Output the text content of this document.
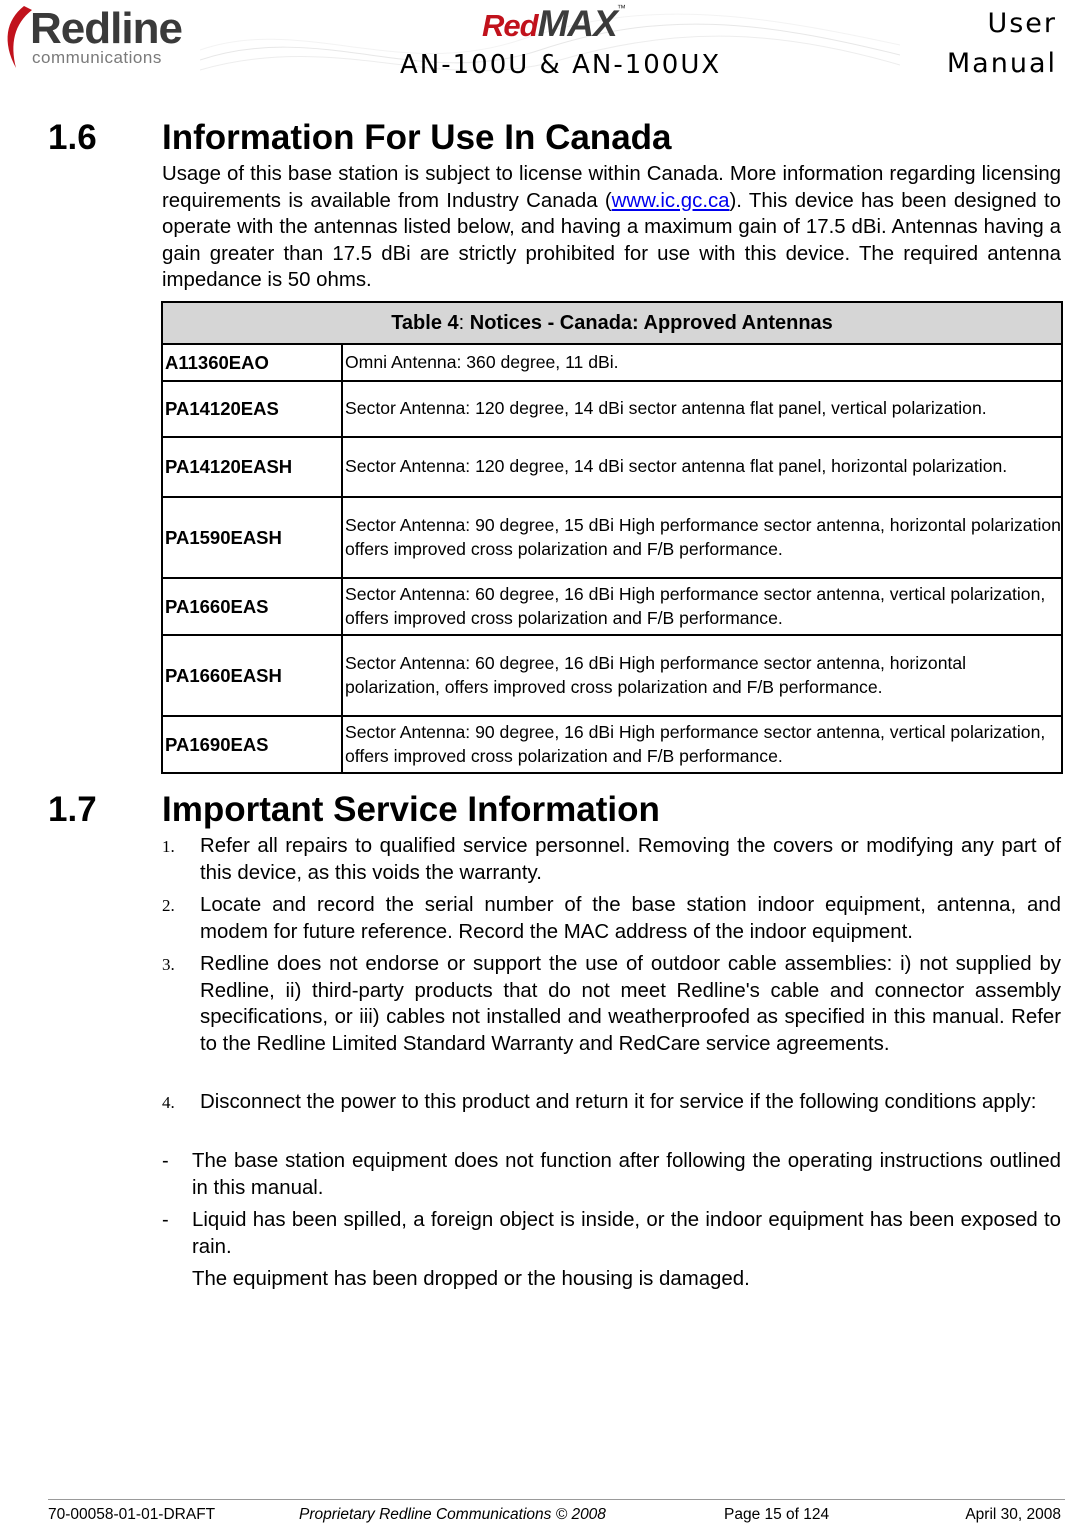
Redline
communications
RedMAX™
AN-100U & AN-100UX
User
Manual
1.6 Information For Use In Canada

Usage of this base station is subject to license within Canada. More information regarding licensing requirements is available from Industry Canada (www.ic.gc.ca). This device has been designed to operate with the antennas listed below, and having a maximum gain of 17.5 dBi. Antennas having a gain greater than 17.5 dBi are strictly prohibited for use with this device. The required antenna impedance is 50 ohms.

Table 4: Notices - Canada: Approved Antennas	
A11360EAO	Omni Antenna: 360 degree, 11 dBi.
PA14120EAS	Sector Antenna: 120 degree, 14 dBi sector antenna flat panel, vertical polarization.
PA14120EASH	Sector Antenna: 120 degree, 14 dBi sector antenna flat panel, horizontal polarization.
PA1590EASH	Sector Antenna: 90 degree, 15 dBi High performance sector antenna, horizontal polarization offers improved cross polarization and F/B performance.
PA1660EAS	Sector Antenna: 60 degree, 16 dBi High performance sector antenna, vertical polarization, offers improved cross polarization and F/B performance.
PA1660EASH	Sector Antenna: 60 degree, 16 dBi High performance sector antenna, horizontal polarization, offers improved cross polarization and F/B performance.
PA1690EAS	Sector Antenna: 90 degree, 16 dBi High performance sector antenna, vertical polarization, offers improved cross polarization and F/B performance.
1.7 Important Service Information
1. Refer all repairs to qualified service personnel. Removing the covers or modifying any part of this device, as this voids the warranty.
2. Locate and record the serial number of the base station indoor equipment, antenna, and modem for future reference. Record the MAC address of the indoor equipment.
3. Redline does not endorse or support the use of outdoor cable assemblies: i) not supplied by Redline, ii) third-party products that do not meet Redline's cable and connector assembly specifications, or iii) cables not installed and weatherproofed as specified in this manual. Refer to the Redline Limited Standard Warranty and RedCare service agreements.
4. Disconnect the power to this product and return it for service if the following conditions apply:
- The base station equipment does not function after following the operating instructions outlined in this manual.
- Liquid has been spilled, a foreign object is inside, or the indoor equipment has been exposed to rain.
The equipment has been dropped or the housing is damaged.
70-00058-01-01-DRAFT	Proprietary Redline Communications © 2008	Page 15 of 124	April 30, 2008
